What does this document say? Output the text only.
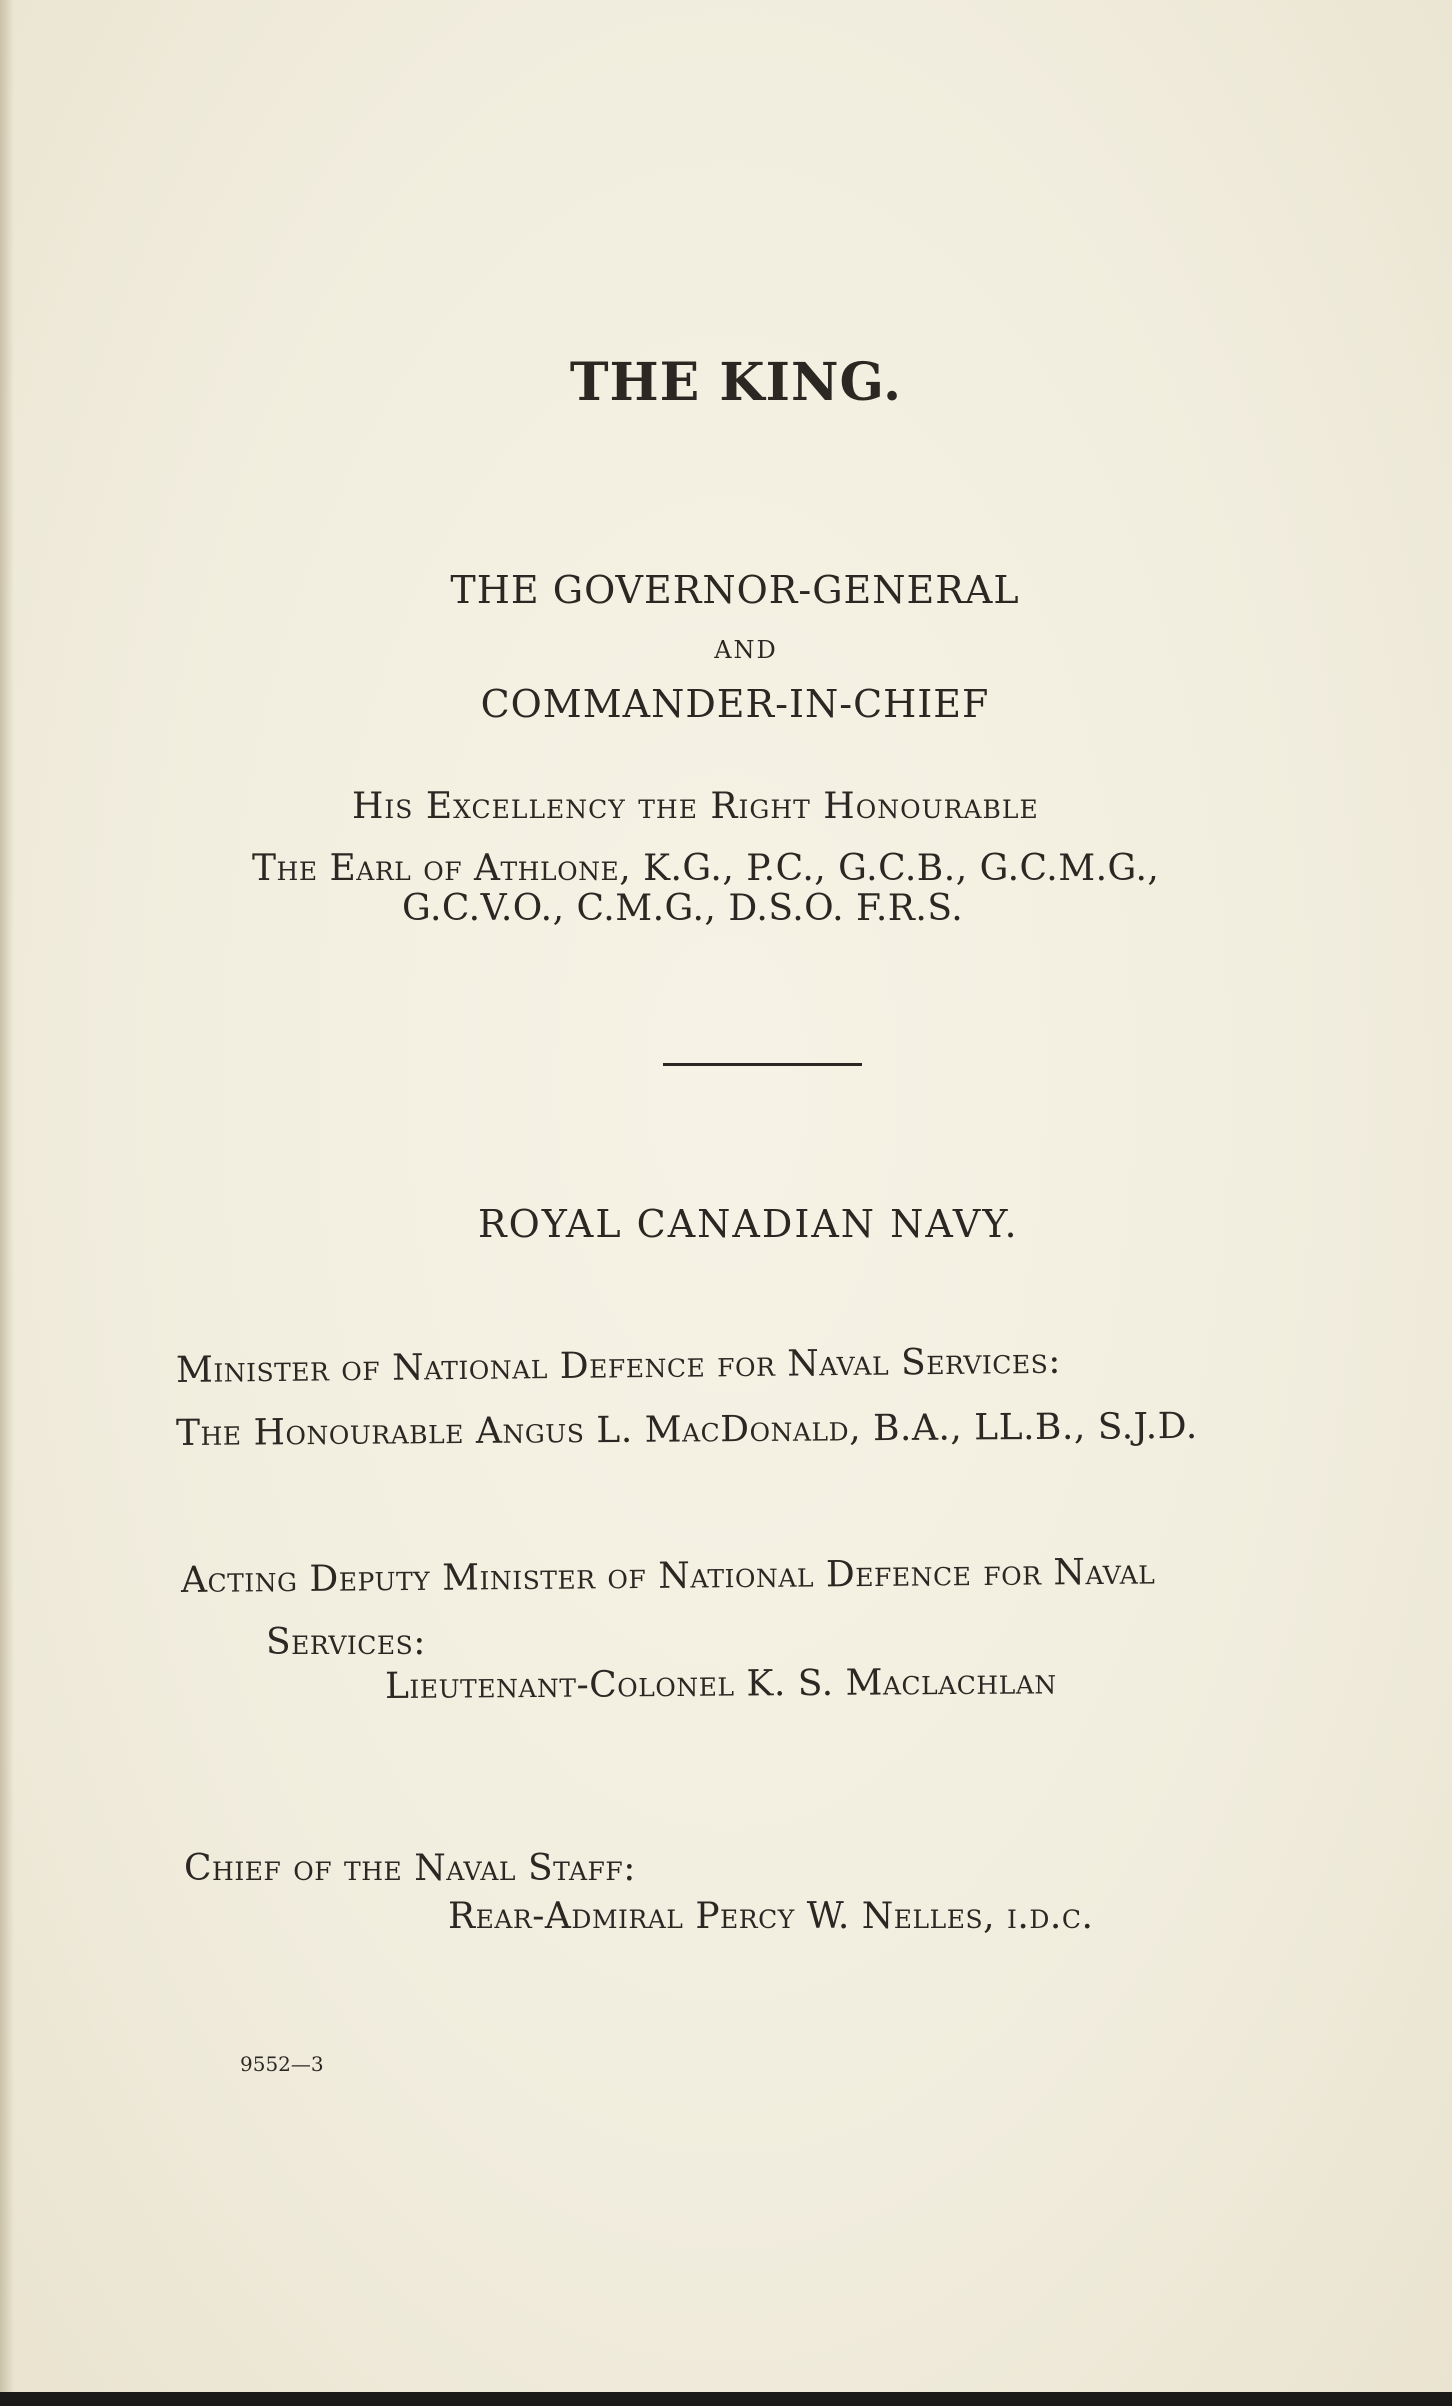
THE KING.
THE GOVERNOR-GENERAL
AND
COMMANDER-IN-CHIEF
His Excellency the Right Honourable
The Earl of Athlone, K.G., P.C., G.C.B., G.C.M.G.,
G.C.V.O., C.M.G., D.S.O. F.R.S.
ROYAL CANADIAN NAVY.
Minister of National Defence for Naval Services:
The Honourable Angus L. MacDonald, B.A., LL.B., S.J.D.
Acting Deputy Minister of National Defence for Naval
Services:
Lieutenant-Colonel K. S. Maclachlan
Chief of the Naval Staff:
Rear-Admiral Percy W. Nelles, i.d.c.
9552—3
